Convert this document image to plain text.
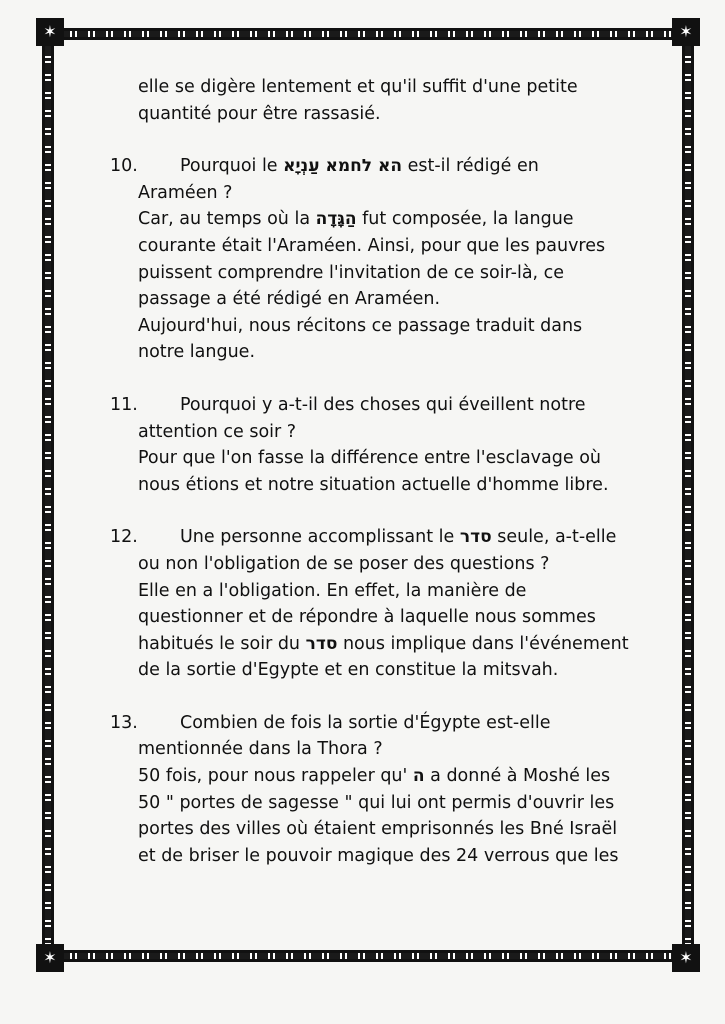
✶	✶
✶	✶
elle se digère lentement et qu'il suffit d'une petite
quantité pour être rassasié.
10. Pourquoi le הא לחמא עַנְיָא est-il rédigé en
Araméen ?
Car, au temps où la הַגָּדָה fut composée, la langue
courante était l'Araméen. Ainsi, pour que les pauvres
puissent comprendre l'invitation de ce soir-là, ce
passage a été rédigé en Araméen.
Aujourd'hui, nous récitons ce passage traduit dans
notre langue.
11. Pourquoi y a-t-il des choses qui éveillent notre
attention ce soir ?
Pour que l'on fasse la différence entre l'esclavage où
nous étions et notre situation actuelle d'homme libre.
12. Une personne accomplissant le סדר seule, a-t-elle
ou non l'obligation de se poser des questions ?
Elle en a l'obligation. En effet, la manière de
questionner et de répondre à laquelle nous sommes
habitués le soir du סדר nous implique dans l'événement
de la sortie d'Egypte et en constitue la mitsvah.
13. Combien de fois la sortie d'Égypte est-elle
mentionnée dans la Thora ?
50 fois, pour nous rappeler qu' ה a donné à Moshé les
50 " portes de sagesse " qui lui ont permis d'ouvrir les
portes des villes où étaient emprisonnés les Bné Israël
et de briser le pouvoir magique des 24 verrous que les
